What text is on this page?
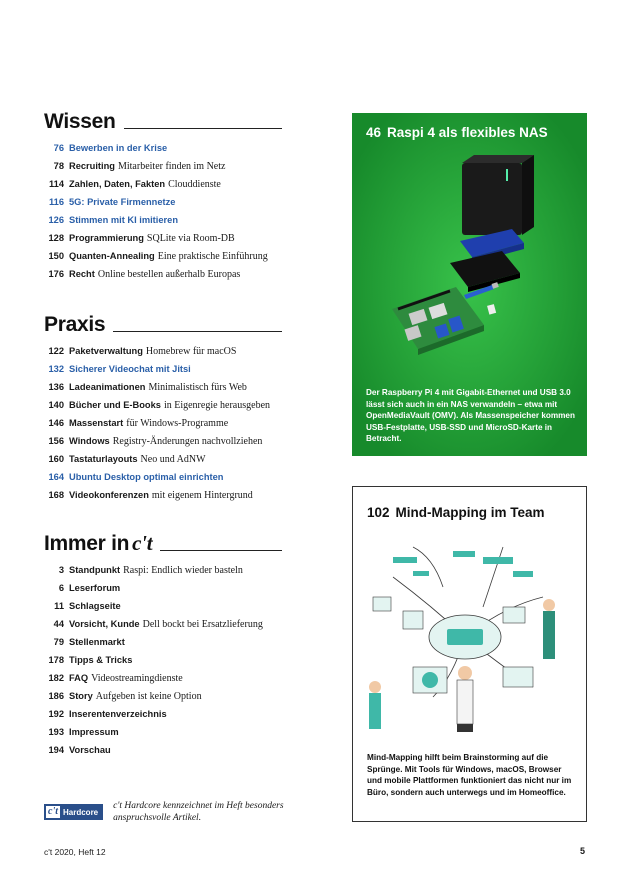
Wissen
76 Bewerben in der Krise
78 Recruiting Mitarbeiter finden im Netz
114 Zahlen, Daten, Fakten Clouddienste
116 5G: Private Firmennetze
126 Stimmen mit KI imitieren
128 Programmierung SQLite via Room-DB
150 Quanten-Annealing Eine praktische Einführung
176 Recht Online bestellen außerhalb Europas
Praxis
122 Paketverwaltung Homebrew für macOS
132 Sicherer Videochat mit Jitsi
136 Ladeanimationen Minimalistisch fürs Web
140 Bücher und E-Books in Eigenregie herausgeben
146 Massenstart für Windows-Programme
156 Windows Registry-Änderungen nachvollziehen
160 Tastaturlayouts Neo und AdNW
164 Ubuntu Desktop optimal einrichten
168 Videokonferenzen mit eigenem Hintergrund
Immer in c't
3 Standpunkt Raspi: Endlich wieder basteln
6 Leserforum
11 Schlagseite
44 Vorsicht, Kunde Dell bockt bei Ersatzlieferung
79 Stellenmarkt
178 Tipps & Tricks
182 FAQ Videostreamingdienste
186 Story Aufgeben ist keine Option
192 Inserentenverzeichnis
193 Impressum
194 Vorschau
c't Hardcore
c't Hardcore kennzeichnet im Heft besonders anspruchsvolle Artikel.
46 Raspi 4 als flexibles NAS
Der Raspberry Pi 4 mit Gigabit-Ethernet und USB 3.0 lässt sich auch in ein NAS verwandeln – etwa mit OpenMediaVault (OMV). Als Massenspeicher kommen USB-Festplatte, USB-SSD und MicroSD-Karte in Betracht.
102 Mind-Mapping im Team
Mind-Mapping hilft beim Brainstorming auf die Sprünge. Mit Tools für Windows, macOS, Browser und mobile Plattformen funktioniert das nicht nur im Büro, sondern auch unterwegs und im Homeoffice.
c't 2020, Heft 12	5
